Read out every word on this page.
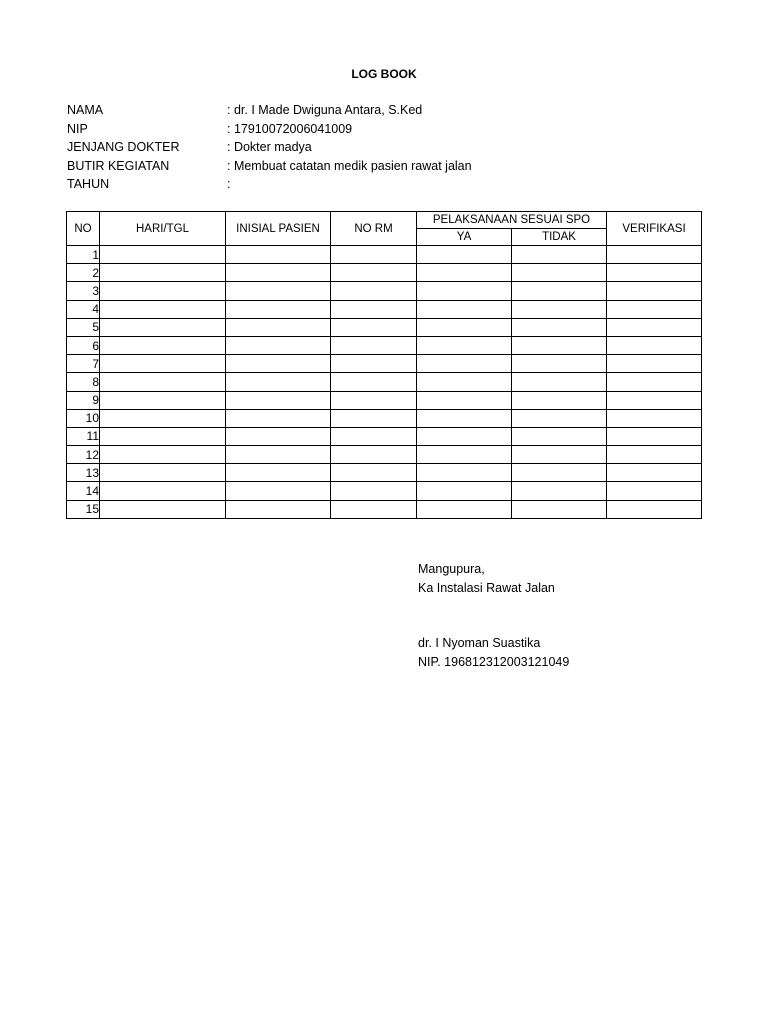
LOG BOOK
NAMA	: dr. I Made Dwiguna Antara, S.Ked
NIP	: 17910072006041009
JENJANG DOKTER	: Dokter madya
BUTIR KEGIATAN	: Membuat catatan medik pasien rawat jalan
TAHUN	:
NO	HARI/TGL	INISIAL PASIEN	NO RM	PELAKSANAAN SESUAI SPO		VERIFIKASI
				YA	TIDAK	
1						
2						
3						
4						
5						
6						
7						
8						
9						
10						
11						
12						
13						
14						
15						
Mangupura,
Ka Instalasi Rawat Jalan
dr. I Nyoman Suastika
NIP. 196812312003121049
